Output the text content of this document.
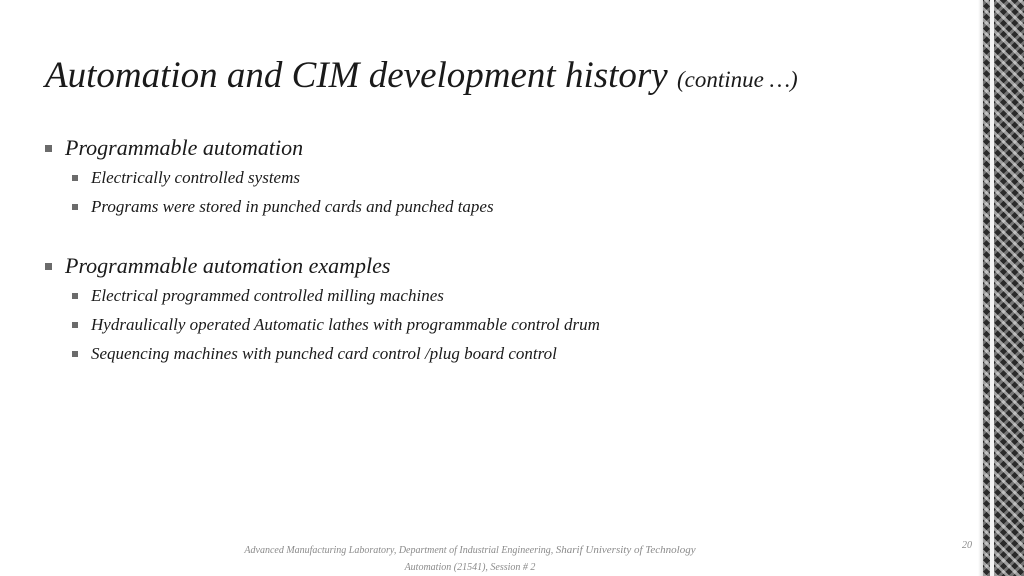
Automation and CIM development history (continue …)
Programmable automation
Electrically controlled systems
Programs were stored in punched cards and punched tapes
Programmable automation examples
Electrical programmed controlled milling machines
Hydraulically operated Automatic lathes with programmable control drum
Sequencing machines with punched card control /plug board control
Advanced Manufacturing Laboratory, Department of Industrial Engineering, Sharif University of Technology
Automation (21541), Session # 2
20
